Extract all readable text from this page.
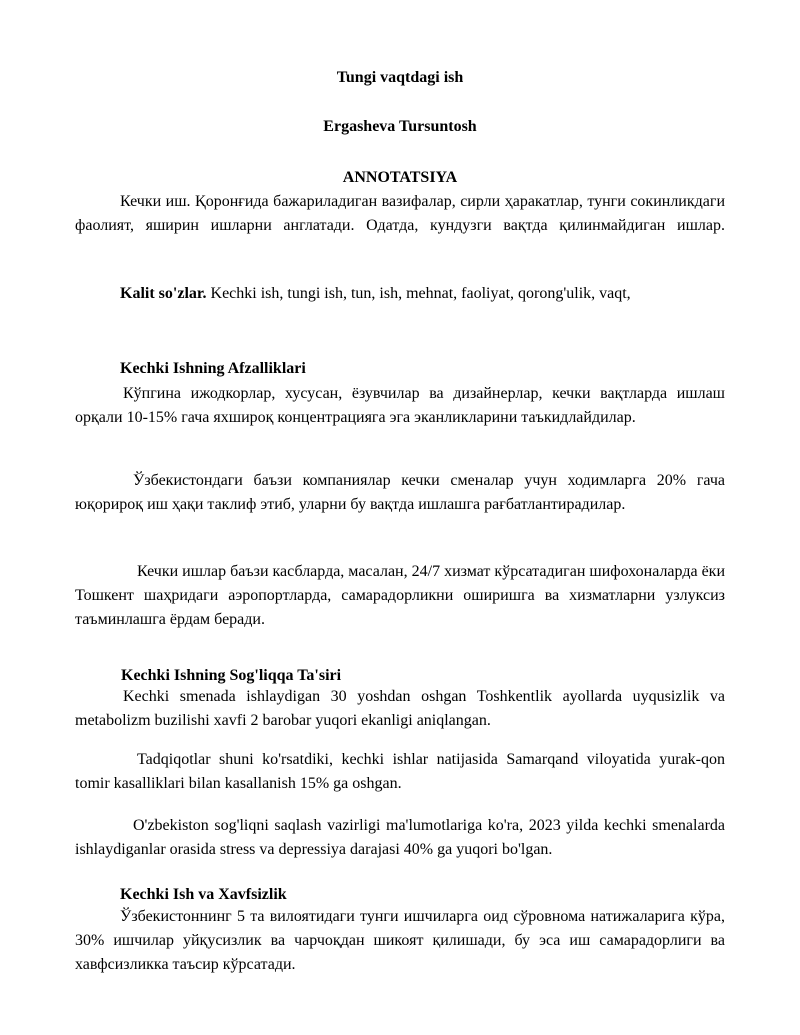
Tungi vaqtdagi ish
Ergasheva Tursuntosh
ANNOTATSIYA

Кечки иш. Қоронғида бажариладиган вазифалар, сирли ҳаракатлар, тунги сокинликдаги фаолият, яширин ишларни англатади. Одатда, кундузги вақтда қилинмайдиган ишлар.

Kalit so'zlar. Kechki ish, tungi ish, tun, ish, mehnat, faoliyat, qorong'ulik, vaqt,

Kechki Ishning Afzalliklari

Кўпгина ижодкорлар, хусусан, ёзувчилар ва дизайнерлар, кечки вақтларда ишлаш орқали 10-15% гача яхшироқ концентрацияга эга эканликларини таъкидлайдилар.

Ўзбекистондаги баъзи компаниялар кечки сменалар учун ходимларга 20% гача юқорироқ иш ҳақи таклиф этиб, уларни бу вақтда ишлашга рағбатлантирадилар.

Кечки ишлар баъзи касбларда, масалан, 24/7 хизмат кўрсатадиган шифохоналарда ёки Тошкент шаҳридаги аэропортларда, самарадорликни оширишга ва хизматларни узлуксиз таъминлашга ёрдам беради.

Kechki Ishning Sog'liqqa Ta'siri

Kechki smenada ishlaydigan 30 yoshdan oshgan Toshkentlik ayollarda uyqusizlik va metabolizm buzilishi xavfi 2 barobar yuqori ekanligi aniqlangan.

Tadqiqotlar shuni ko'rsatdiki, kechki ishlar natijasida Samarqand viloyatida yurak-qon tomir kasalliklari bilan kasallanish 15% ga oshgan.

O'zbekiston sog'liqni saqlash vazirligi ma'lumotlariga ko'ra, 2023 yilda kechki smenalarda ishlaydiganlar orasida stress va depressiya darajasi 40% ga yuqori bo'lgan.

Kechki Ish va Xavfsizlik

Ўзбекистоннинг 5 та вилоятидаги тунги ишчиларга оид сўровнома натижаларига кўра, 30% ишчилар уйқусизлик ва чарчоқдан шикоят қилишади, бу эса иш самарадорлиги ва хавфсизликка таъсир кўрсатади.
